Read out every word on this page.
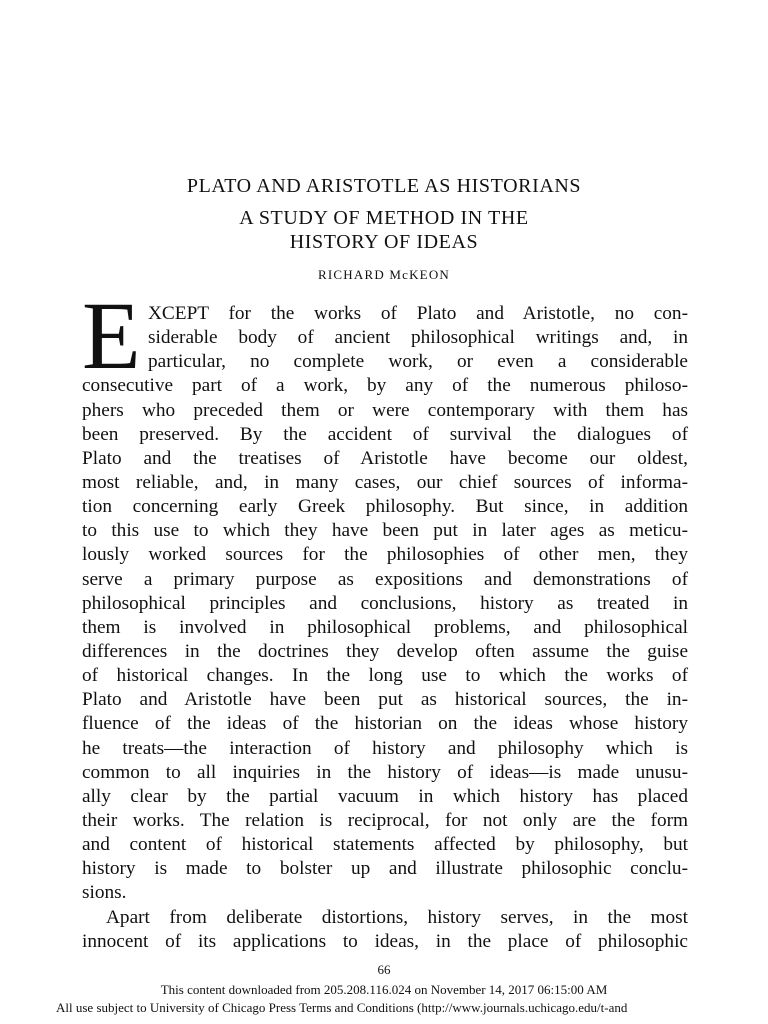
PLATO AND ARISTOTLE AS HISTORIANS
A STUDY OF METHOD IN THE
HISTORY OF IDEAS
RICHARD McKEON
E XCEPT for the works of Plato and Aristotle, no con-
siderable body of ancient philosophical writings and, in
particular, no complete work, or even a considerable
consecutive part of a work, by any of the numerous philoso-
phers who preceded them or were contemporary with them has
been preserved. By the accident of survival the dialogues of
Plato and the treatises of Aristotle have become our oldest,
most reliable, and, in many cases, our chief sources of informa-
tion concerning early Greek philosophy. But since, in addition
to this use to which they have been put in later ages as meticu-
lously worked sources for the philosophies of other men, they
serve a primary purpose as expositions and demonstrations of
philosophical principles and conclusions, history as treated in
them is involved in philosophical problems, and philosophical
differences in the doctrines they develop often assume the guise
of historical changes. In the long use to which the works of
Plato and Aristotle have been put as historical sources, the in-
fluence of the ideas of the historian on the ideas whose history
he treats—the interaction of history and philosophy which is
common to all inquiries in the history of ideas—is made unusu-
ally clear by the partial vacuum in which history has placed
their works. The relation is reciprocal, for not only are the form
and content of historical statements affected by philosophy, but
history is made to bolster up and illustrate philosophic conclu-
sions.
Apart from deliberate distortions, history serves, in the most
innocent of its applications to ideas, in the place of philosophic
66
This content downloaded from 205.208.116.024 on November 14, 2017 06:15:00 AM
All use subject to University of Chicago Press Terms and Conditions (http://www.journals.uchicago.edu/t-and
